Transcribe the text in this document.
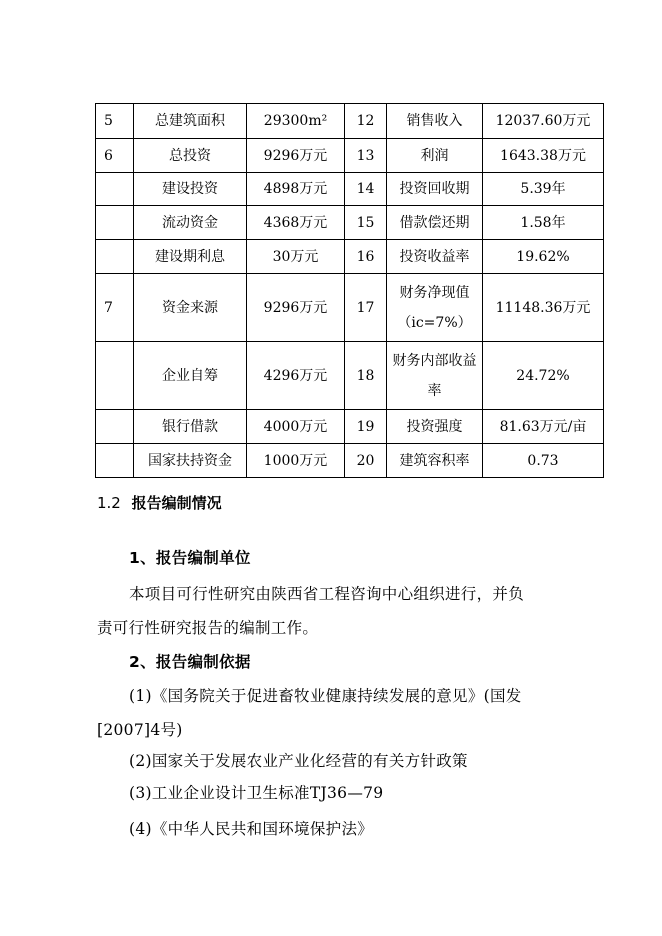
5	总建筑面积	29300m²	12	销售收入	12037.60万元
6	总投资	9296万元	13	利润	1643.38万元
	建设投资	4898万元	14	投资回收期	5.39年
	流动资金	4368万元	15	借款偿还期	1.58年
	建设期利息	30万元	16	投资收益率	19.62%
7	资金来源	9296万元	17	财务净现值（ic=7%）	11148.36万元
	企业自筹	4296万元	18	财务内部收益率	24.72%
	银行借款	4000万元	19	投资强度	81.63万元/亩
	国家扶持资金	1000万元	20	建筑容积率	0.73
1.2 报告编制情况
1、报告编制单位
本项目可行性研究由陕西省工程咨询中心组织进行，并负
责可行性研究报告的编制工作。
2、报告编制依据
(1)《国务院关于促进畜牧业健康持续发展的意见》(国发
[2007]4号)
(2)国家关于发展农业产业化经营的有关方针政策
(3)工业企业设计卫生标准TJ36—79
(4)《中华人民共和国环境保护法》
